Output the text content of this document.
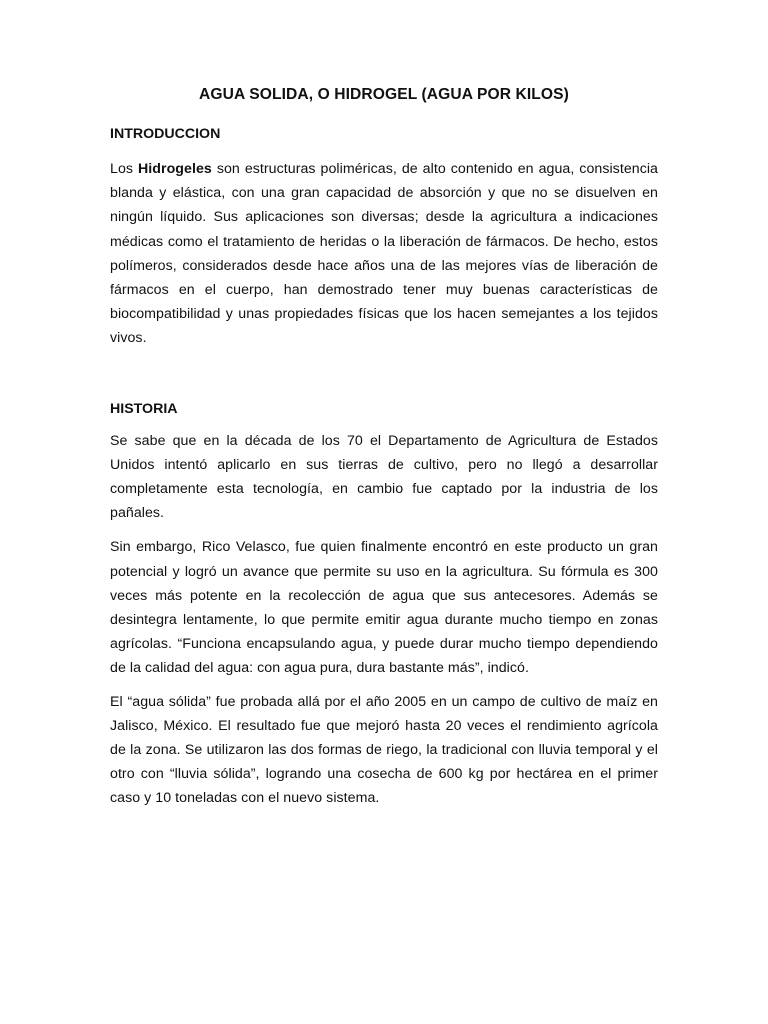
AGUA SOLIDA, O HIDROGEL (AGUA POR KILOS)
INTRODUCCION

Los Hidrogeles son estructuras poliméricas, de alto contenido en agua, consistencia blanda y elástica, con una gran capacidad de absorción y que no se disuelven en ningún líquido. Sus aplicaciones son diversas; desde la agricultura a indicaciones médicas como el tratamiento de heridas o la liberación de fármacos. De hecho, estos polímeros, considerados desde hace años una de las mejores vías de liberación de fármacos en el cuerpo, han demostrado tener muy buenas características de biocompatibilidad y unas propiedades físicas que los hacen semejantes a los tejidos vivos.

HISTORIA

Se sabe que en la década de los 70 el Departamento de Agricultura de Estados Unidos intentó aplicarlo en sus tierras de cultivo, pero no llegó a desarrollar completamente esta tecnología, en cambio fue captado por la industria de los pañales.

Sin embargo, Rico Velasco, fue quien finalmente encontró en este producto un gran potencial y logró un avance que permite su uso en la agricultura. Su fórmula es 300 veces más potente en la recolección de agua que sus antecesores. Además se desintegra lentamente, lo que permite emitir agua durante mucho tiempo en zonas agrícolas. “Funciona encapsulando agua, y puede durar mucho tiempo dependiendo de la calidad del agua: con agua pura, dura bastante más”, indicó.

El “agua sólida” fue probada allá por el año 2005 en un campo de cultivo de maíz en Jalisco, México. El resultado fue que mejoró hasta 20 veces el rendimiento agrícola de la zona. Se utilizaron las dos formas de riego, la tradicional con lluvia temporal y el otro con “lluvia sólida”, logrando una cosecha de 600 kg por hectárea en el primer caso y 10 toneladas con el nuevo sistema.
